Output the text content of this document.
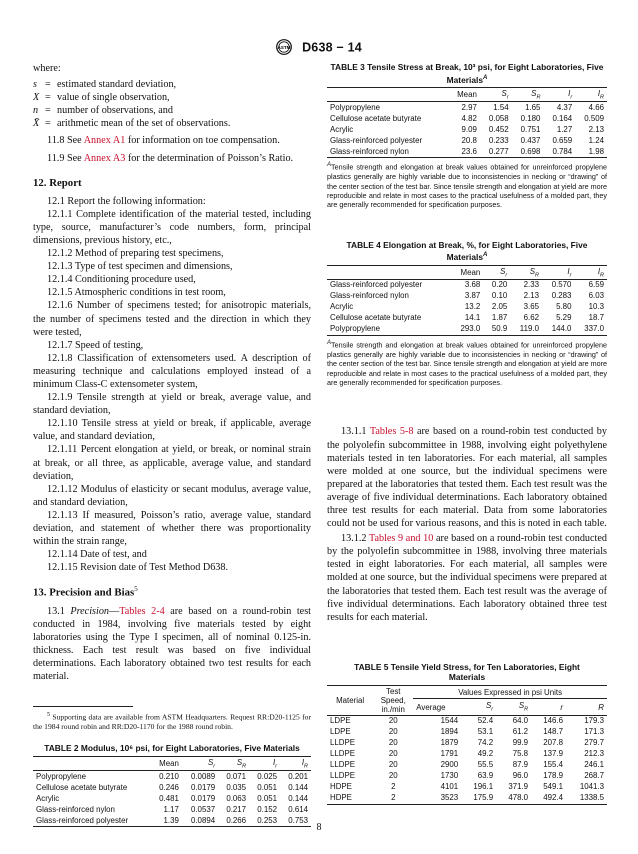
ASTM D638 − 14

where:

s = estimated standard deviation,
X = value of single observation,
n = number of observations, and
X̄ = arithmetic mean of the set of observations.

11.8 See Annex A1 for information on toe compensation.

11.9 See Annex A3 for the determination of Poisson’s Ratio.

12. Report

12.1 Report the following information:

12.1.1 Complete identification of the material tested, including type, source, manufacturer’s code numbers, form, principal dimensions, previous history, etc.,

12.1.2 Method of preparing test specimens,

12.1.3 Type of test specimen and dimensions,

12.1.4 Conditioning procedure used,

12.1.5 Atmospheric conditions in test room,

12.1.6 Number of specimens tested; for anisotropic materials, the number of specimens tested and the direction in which they were tested,

12.1.7 Speed of testing,

12.1.8 Classification of extensometers used. A description of measuring technique and calculations employed instead of a minimum Class-C extensometer system,

12.1.9 Tensile strength at yield or break, average value, and standard deviation,

12.1.10 Tensile stress at yield or break, if applicable, average value, and standard deviation,

12.1.11 Percent elongation at yield, or break, or nominal strain at break, or all three, as applicable, average value, and standard deviation,

12.1.12 Modulus of elasticity or secant modulus, average value, and standard deviation,

12.1.13 If measured, Poisson’s ratio, average value, standard deviation, and statement of whether there was proportionality within the strain range,

12.1.14 Date of test, and

12.1.15 Revision date of Test Method D638.

13. Precision and Bias$^5$

13.1 Precision—Tables 2-4 are based on a round-robin test conducted in 1984, involving five materials tested by eight laboratories using the Type I specimen, all of nominal 0.125-in. thickness. Each test result was based on five individual determinations. Each laboratory obtained two test results for each material.

$^5$ Supporting data are available from ASTM Headquarters. Request RR:D20-1125 for the 1984 round robin and RR:D20-1170 for the 1988 round robin.

TABLE 2 Modulus, 10⁶ psi, for Eight Laboratories, Five Materials

	Mean	$S_r$	$S_R$	$I_r$	$I_R$
Polypropylene	0.210	0.0089	0.071	0.025	0.201
Cellulose acetate butyrate	0.246	0.0179	0.035	0.051	0.144
Acrylic	0.481	0.0179	0.063	0.051	0.144
Glass-reinforced nylon	1.17	0.0537	0.217	0.152	0.614
Glass-reinforced polyester	1.39	0.0894	0.266	0.253	0.753

TABLE 3 Tensile Stress at Break, 10³ psi, for Eight Laboratories, Five Materials$^A$

	Mean	$S_r$	$S_R$	$I_r$	$I_R$
Polypropylene	2.97	1.54	1.65	4.37	4.66
Cellulose acetate butyrate	4.82	0.058	0.180	0.164	0.509
Acrylic	9.09	0.452	0.751	1.27	2.13
Glass-reinforced polyester	20.8	0.233	0.437	0.659	1.24
Glass-reinforced nylon	23.6	0.277	0.698	0.784	1.98

$^A$Tensile strength and elongation at break values obtained for unreinforced propylene plastics generally are highly variable due to inconsistencies in necking or “drawing” of the center section of the test bar. Since tensile strength and elongation at yield are more reproducible and relate in most cases to the practical usefulness of a molded part, they are generally recommended for specification purposes.

TABLE 4 Elongation at Break, %, for Eight Laboratories, Five Materials$^A$

	Mean	$S_r$	$S_R$	$I_r$	$I_R$
Glass-reinforced polyester	3.68	0.20	2.33	0.570	6.59
Glass-reinforced nylon	3.87	0.10	2.13	0.283	6.03
Acrylic	13.2	2.05	3.65	5.80	10.3
Cellulose acetate butyrate	14.1	1.87	6.62	5.29	18.7
Polypropylene	293.0	50.9	119.0	144.0	337.0

$^A$Tensile strength and elongation at break values obtained for unreinforced propylene plastics generally are highly variable due to inconsistencies in necking or “drawing” of the center section of the test bar. Since tensile strength and elongation at yield are more reproducible and relate in most cases to the practical usefulness of a molded part, they are generally recommended for specification purposes.

13.1.1 Tables 5-8 are based on a round-robin test conducted by the polyolefin subcommittee in 1988, involving eight polyethylene materials tested in ten laboratories. For each material, all samples were molded at one source, but the individual specimens were prepared at the laboratories that tested them. Each test result was the average of five individual determinations. Each laboratory obtained three test results for each material. Data from some laboratories could not be used for various reasons, and this is noted in each table.

13.1.2 Tables 9 and 10 are based on a round-robin test conducted by the polyolefin subcommittee in 1988, involving three materials tested in eight laboratories. For each material, all samples were molded at one source, but the individual specimens were prepared at the laboratories that tested them. Each test result was the average of five individual determinations. Each laboratory obtained three test results for each material.

TABLE 5 Tensile Yield Stress, for Ten Laboratories, Eight Materials

Material	Test Speed, in./min	Values Expressed in psi Units				
		Average	$S_r$	$S_R$	r	R
LDPE	20	1544	52.4	64.0	146.6	179.3
LDPE	20	1894	53.1	61.2	148.7	171.3
LLDPE	20	1879	74.2	99.9	207.8	279.7
LLDPE	20	1791	49.2	75.8	137.9	212.3
LLDPE	20	2900	55.5	87.9	155.4	246.1
LLDPE	20	1730	63.9	96.0	178.9	268.7
HDPE	2	4101	196.1	371.9	549.1	1041.3
HDPE	2	3523	175.9	478.0	492.4	1338.5
8
